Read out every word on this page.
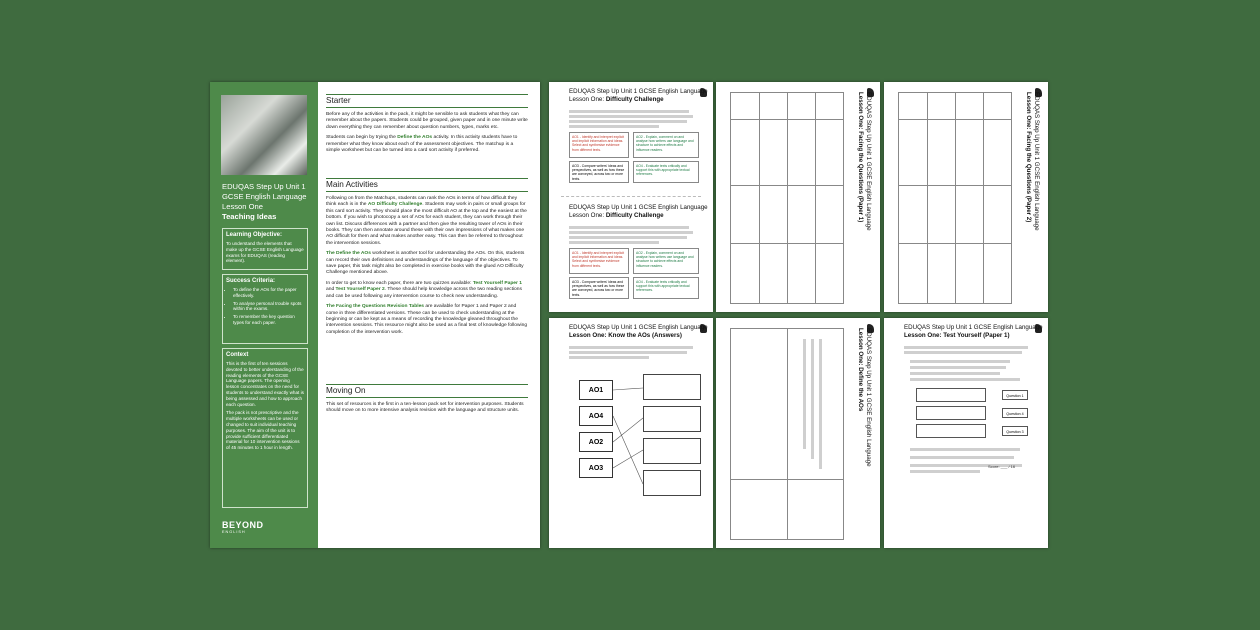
EDUQAS Step Up Unit 1
GCSE English Language
Lesson One
Teaching Ideas
Learning Objective:
To understand the elements that make up the GCSE English Language exams for EDUQAS (reading element).
Success Criteria:
• To define the AOs for the paper effectively.
• To analyse personal trouble spots within the exams.
• To remember the key question types for each paper.
Context
This is the first of ten sessions devoted to better understanding of the reading elements of the GCSE Language papers. The opening lesson concentrates on the need for students to understand exactly what is being assessed and how to approach each question.
The pack is not prescriptive and the multiple worksheets can be used or changed to suit individual teaching purposes. The aim of the unit is to provide sufficient differentiated material for 10 intervention sessions of 45 minutes to 1 hour in length.
BEYOND
ENGLISH
Starter

Before any of the activities in the pack, it might be sensible to ask students what they can remember about the papers. Students could be grouped, given paper and in one minute write down everything they can remember about question numbers, types, marks etc.

Students can begin by trying the Define the AOs activity. In this activity students have to remember what they know about each of the assessment objectives. The matchup is a simple worksheet but can be turned into a card sort activity if preferred.

Main Activities

Following on from the Matchups, students can rank the AOs in terms of how difficult they think each is in the AO Difficulty Challenge. Students may work in pairs or small groups for this card sort activity. They should place the most difficult AO at the top and the easiest at the bottom. If you wish to photocopy a set of AOs for each student, they can work through their own list. Discuss differences with a partner and then give the resulting tower of AOs in their books. They can then annotate around these with their own impressions of what makes one AO difficult for them and what makes another easy. This can then be referred to throughout the intervention sessions.

The Define the AOs worksheet is another tool for understanding the AOs. On this, students can record their own definitions and understandings of the language of the objectives. To save paper, this task might also be completed in exercise books with the glued AO Difficulty Challenge mentioned above.

In order to get to know each paper, there are two quizzes available: Test Yourself Paper 1 and Test Yourself Paper 2. These should help knowledge across the two reading sections and can be used following any intervention course to check new understanding.

The Facing the Questions Revision Tables are available for Paper 1 and Paper 2 and come in three differentiated versions. These can be used to check understanding at the beginning or can be kept as a means of recording the knowledge gleaned throughout the intervention sessions. This resource might also be used as a final test of knowledge following completion of the intervention work.

Moving On

This set of resources is the first in a ten-lesson pack set for intervention purposes. Students should move on to more intensive analysis revision with the language and structure units.

EDUQAS Step Up Unit 1 GCSE English Language
Lesson One: Difficulty Challenge
AO1 - Identify and interpret explicit and implicit information and ideas. Select and synthesise evidence from different texts.
AO2 - Explain, comment on and analyse how writers use language and structure to achieve effects and influence readers.
AO3 - Compare writers' ideas and perspectives, as well as how these are conveyed, across two or more texts.
AO4 - Evaluate texts critically and support this with appropriate textual references.
EDUQAS Step Up Unit 1 GCSE English Language
Lesson One: Difficulty Challenge
AO1 - Identify and interpret explicit and implicit information and ideas. Select and synthesise evidence from different texts.
AO2 - Explain, comment on and analyse how writers use language and structure to achieve effects and influence readers.
AO3 - Compare writers' ideas and perspectives, as well as how these are conveyed, across two or more texts.
AO4 - Evaluate texts critically and support this with appropriate textual references.
EDUQAS Step Up Unit 1 GCSE English Language
Lesson One: Facing the Questions (Paper 1)	EDUQAS Step Up Unit 1 GCSE English Language
Lesson One: Facing the Questions (Paper 2)
EDUQAS Step Up Unit 1 GCSE English Language
Lesson One: Know the AOs (Answers)
AO1
AO4
AO2
AO3
EDUQAS Step Up Unit 1 GCSE English Language
Lesson One: Define the AOs
EDUQAS Step Up Unit 1 GCSE English Language
Lesson One: Test Yourself (Paper 1)
Question 1
Question 4
Question 3
Score: ___ / 16
